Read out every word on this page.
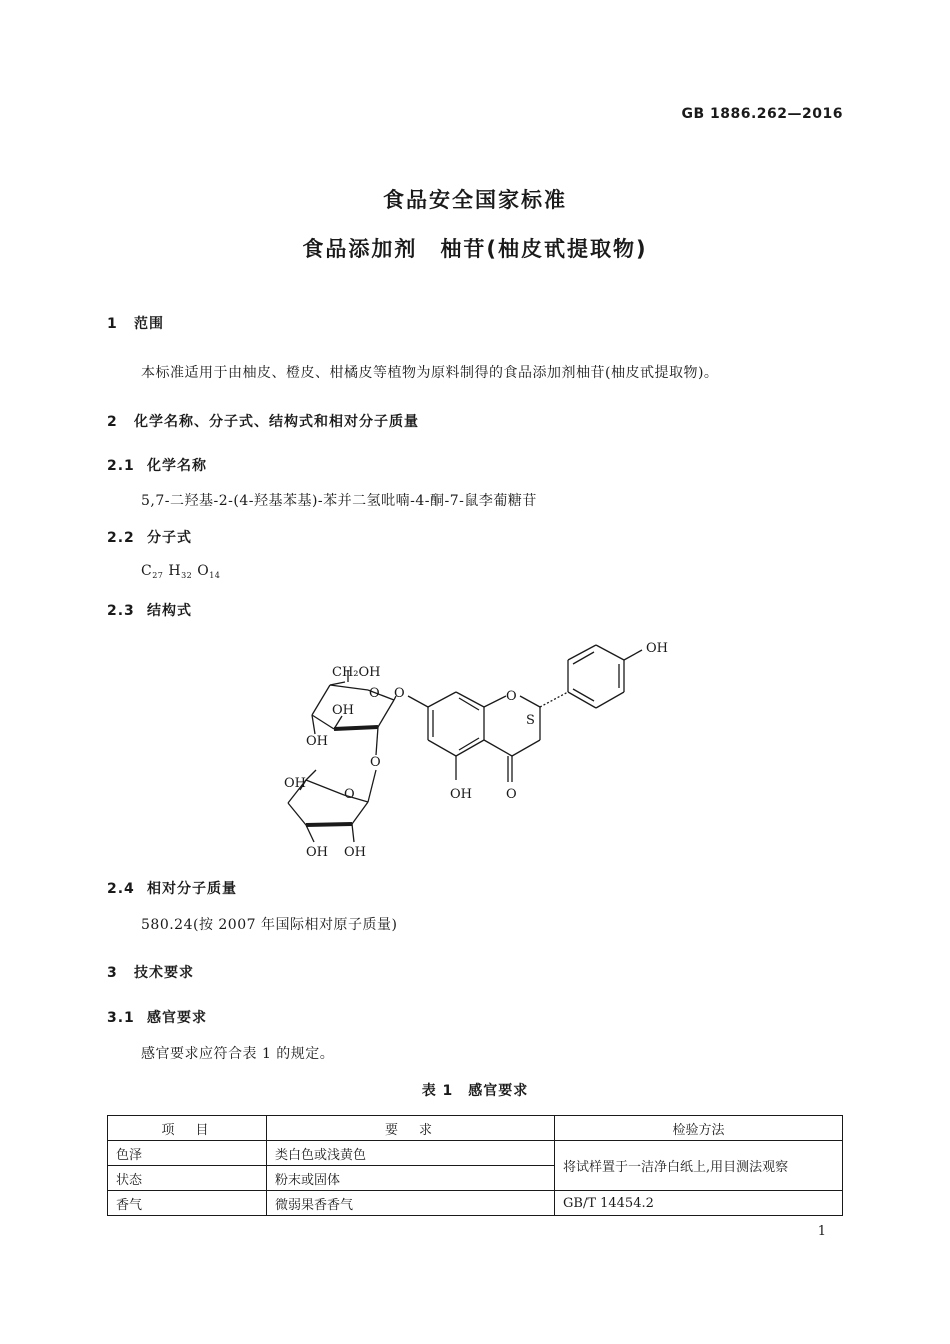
GB 1886.262—2016
食品安全国家标准
食品添加剂　柚苷(柚皮甙提取物)
1 范围
本标准适用于由柚皮、橙皮、柑橘皮等植物为原料制得的食品添加剂柚苷(柚皮甙提取物)。
2 化学名称、分子式、结构式和相对分子质量
2.1 化学名称
5,7-二羟基-2-(4-羟基苯基)-苯并二氢吡喃-4-酮-7-鼠李葡糖苷
2.2 分子式
$C_{27}$ $H_{32}$ $O_{14}$
2.3 结构式
CH₂OH
O
OH
OH
O
O
O
OH
OH OH
O
S
OH	O
OH
2.4 相对分子质量
580.24(按 2007 年国际相对原子质量)
3 技术要求
3.1 感官要求
感官要求应符合表 1 的规定。
表 1　感官要求
项　目	要　求	检验方法
色泽	类白色或浅黄色	将试样置于一洁净白纸上,用目测法观察
状态	粉末或固体	
香气	微弱果香香气	GB/T 14454.2
1
